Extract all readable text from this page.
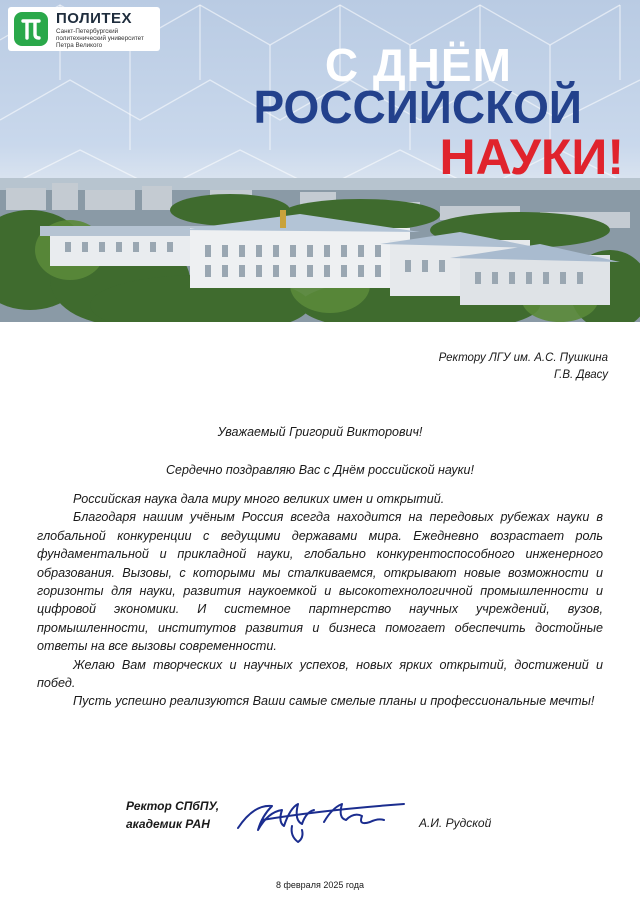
ПОЛИТЕХ
Санкт-Петербургский политехнический университет Петра Великого	С ДНЁМ
РОССИЙСКОЙ
НАУКИ!
Ректору ЛГУ им. А.С. Пушкина
Г.В. Двасу
Уважаемый Григорий Викторович!
Сердечно поздравляю Вас с Днём российской науки!

Российская наука дала миру много великих имен и открытий.

Благодаря нашим учёным Россия всегда находится на передовых рубежах науки в глобальной конкуренции с ведущими державами мира. Ежедневно возрастает роль фундаментальной и прикладной науки, глобально конкурентоспособного инженерного образования. Вызовы, с которыми мы сталкиваемся, открывают новые возможности и горизонты для науки, развития наукоемкой и высокотехнологичной промышленности и цифровой экономики. И системное партнерство научных учреждений, вузов, промышленности, институтов развития и бизнеса помогает обеспечить достойные ответы на все вызовы современности.

Желаю Вам творческих и научных успехов, новых ярких открытий, достижений и побед.

Пусть успешно реализуются Ваши самые смелые планы и профессиональные мечты!

Ректор СПбПУ,
академик РАН	А.И. Рудской
8 февраля 2025 года
